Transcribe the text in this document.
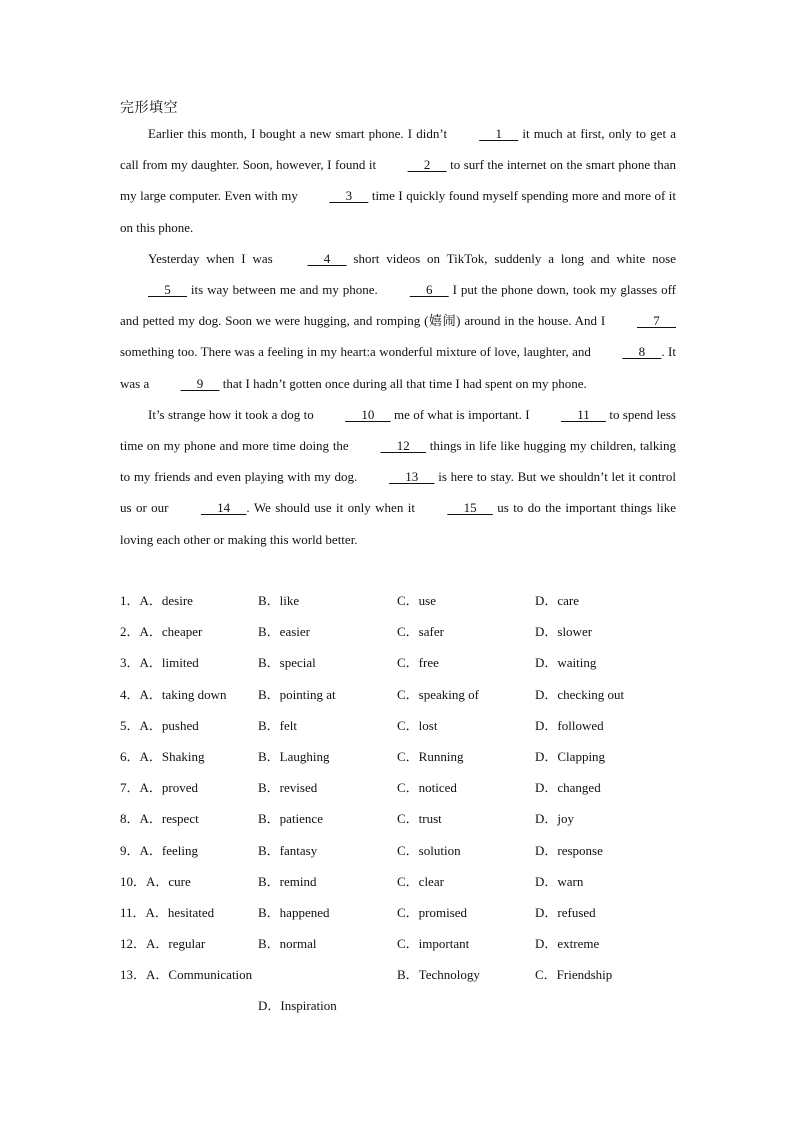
完形填空

Earlier this month, I bought a new smart phone. I didn’t      1      it much at first, only to get a call from my daughter. Soon, however, I found it      2      to surf the internet on the smart phone than my large computer. Even with my      3      time I quickly found myself spending more and more of it on this phone.

Yesterday when I was      4      short videos on TikTok, suddenly a long and white nose      5      its way between me and my phone.      6      I put the phone down, took my glasses off and petted my dog. Soon we were hugging, and romping (嬉闹) around in the house. And I      7      something too. There was a feeling in my heart:a wonderful mixture of love, laughter, and      8     . It was a      9      that I hadn’t gotten once during all that time I had spent on my phone.

It’s strange how it took a dog to      10      me of what is important. I      11      to spend less time on my phone and more time doing the      12      things in life like hugging my children, talking to my friends and even playing with my dog.      13      is here to stay. But we shouldn’t let it control us or our      14     . We should use it only when it      15      us to do the important things like loving each other or making this world better.

1．A．desire	B．like	C．use	D．care
2．A．cheaper	B．easier	C．safer	D．slower
3．A．limited	B．special	C．free	D．waiting
4．A．taking down B．pointing at	C．speaking of	D．checking out
5．A．pushed	B．felt	C．lost	D．followed
6．A．Shaking	B．Laughing	C．Running	D．Clapping
7．A．proved	B．revised	C．noticed	D．changed
8．A．respect	B．patience	C．trust	D．joy
9．A．feeling	B．fantasy	C．solution	D．response
10．A．cure	B．remind	C．clear	D．warn
11．A．hesitated	B．happened	C．promised	D．refused
12．A．regular	B．normal	C．important	D．extreme
13．A．Communication	B．Technology	C．Friendship
D．Inspiration
